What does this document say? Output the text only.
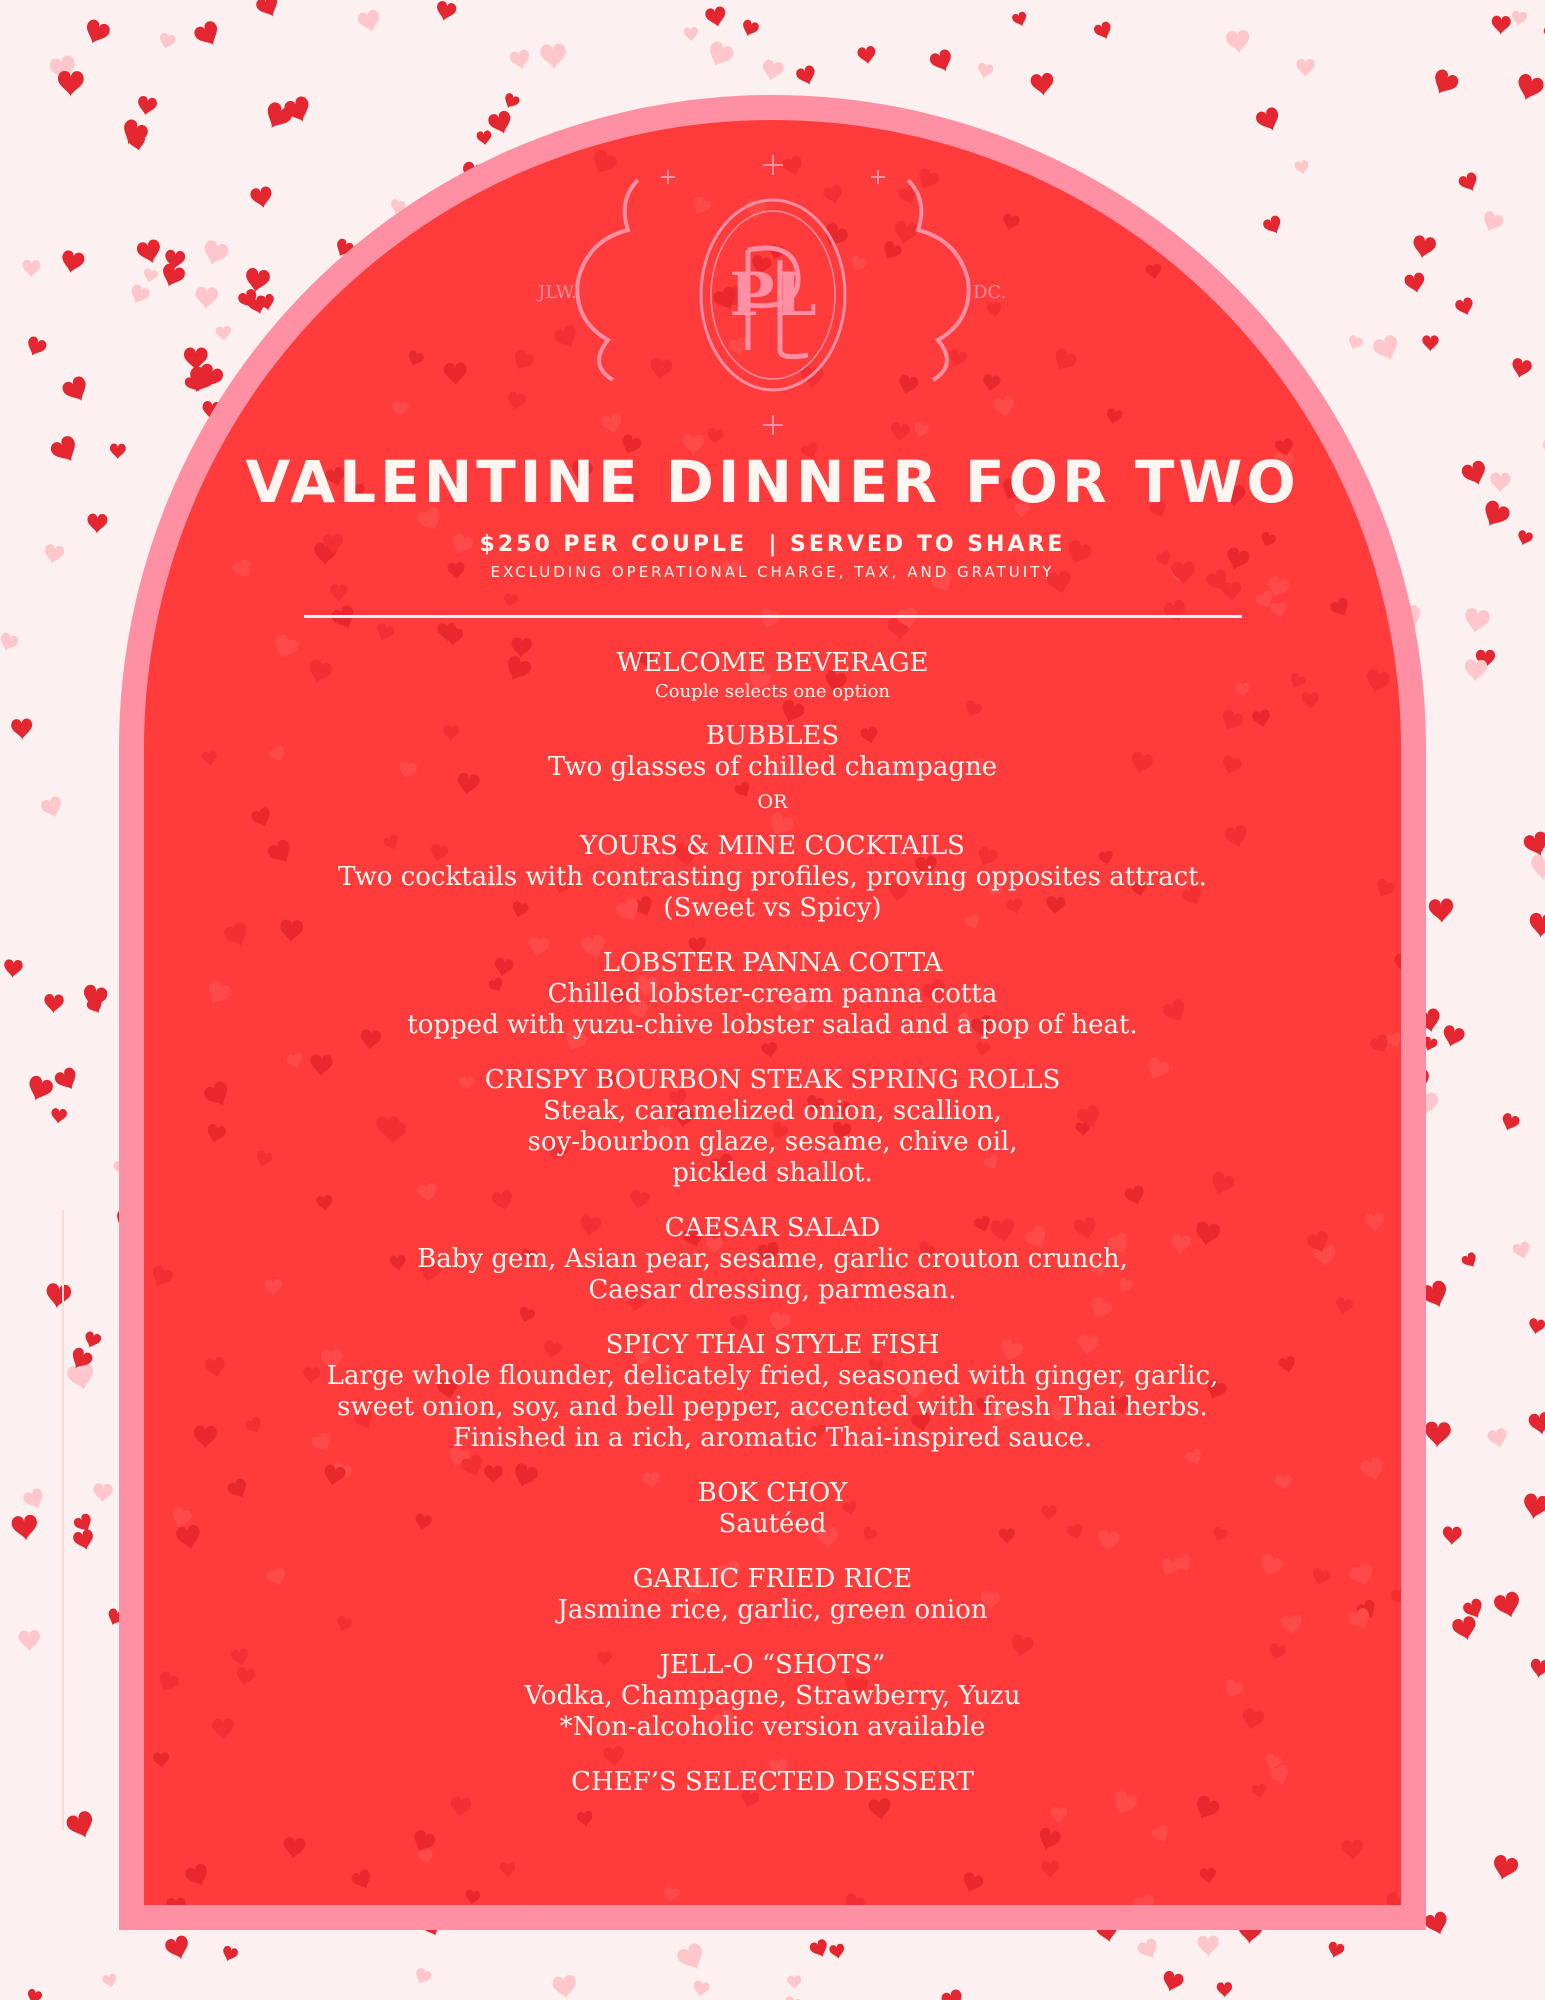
JLW.	DC.
PL
VALENTINE DINNER FOR TWO
$250 PER COUPLE  | SERVED TO SHARE
EXCLUDING OPERATIONAL CHARGE, TAX, AND GRATUITY
WELCOME BEVERAGE
Couple selects one option
BUBBLES
Two glasses of chilled champagne
OR
YOURS & MINE COCKTAILS
Two cocktails with contrasting profiles, proving opposites attract.
(Sweet vs Spicy)
LOBSTER PANNA COTTA
Chilled lobster-cream panna cotta
topped with yuzu-chive lobster salad and a pop of heat.
CRISPY BOURBON STEAK SPRING ROLLS
Steak, caramelized onion, scallion,
soy-bourbon glaze, sesame, chive oil,
pickled shallot.
CAESAR SALAD
Baby gem, Asian pear, sesame, garlic crouton crunch,
Caesar dressing, parmesan.
SPICY THAI STYLE FISH
Large whole flounder, delicately fried, seasoned with ginger, garlic,
sweet onion, soy, and bell pepper, accented with fresh Thai herbs.
Finished in a rich, aromatic Thai-inspired sauce.
BOK CHOY
Sautéed
GARLIC FRIED RICE
Jasmine rice, garlic, green onion
JELL-O “SHOTS”
Vodka, Champagne, Strawberry, Yuzu
*Non-alcoholic version available
CHEF’S SELECTED DESSERT
